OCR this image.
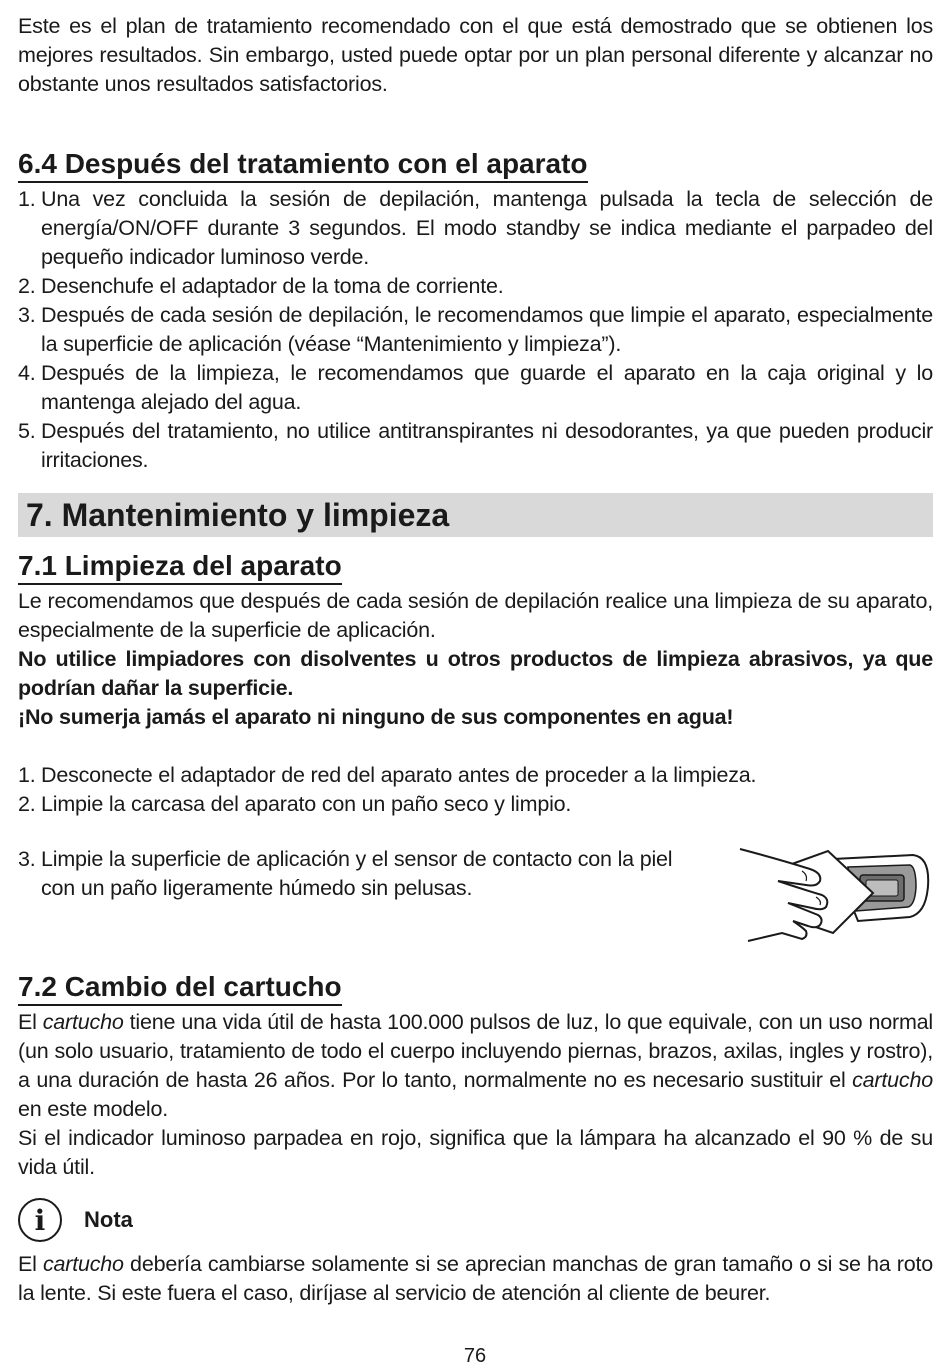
Este es el plan de tratamiento recomendado con el que está demostrado que se obtienen los mejores resultados. Sin embargo, usted puede optar por un plan personal diferente y alcanzar no obstante unos resultados satisfactorios.

6.4 Después del tratamiento con el aparato
1. Una vez concluida la sesión de depilación, mantenga pulsada la tecla de selección de energía/ON/OFF durante 3 segundos. El modo standby se indica mediante el parpadeo del pequeño indicador luminoso verde.
2. Desenchufe el adaptador de la toma de corriente.
3. Después de cada sesión de depilación, le recomendamos que limpie el aparato, especialmente la superficie de aplicación (véase “Mantenimiento y limpieza”).
4. Después de la limpieza, le recomendamos que guarde el aparato en la caja original y lo mantenga alejado del agua.
5. Después del tratamiento, no utilice antitranspirantes ni desodorantes, ya que pueden producir irritaciones.
7. Mantenimiento y limpieza
7.1 Limpieza del aparato

Le recomendamos que después de cada sesión de depilación realice una limpieza de su aparato, especialmente de la superficie de aplicación.

No utilice limpiadores con disolventes u otros productos de limpieza abrasivos, ya que podrían dañar la superficie.

¡No sumerja jamás el aparato ni ninguno de sus componentes en agua!

1. Desconecte el adaptador de red del aparato antes de proceder a la limpieza.
2. Limpie la carcasa del aparato con un paño seco y limpio.
3. Limpie la superficie de aplicación y el sensor de contacto con la piel con un paño ligeramente húmedo sin pelusas.
7.2 Cambio del cartucho

El cartucho tiene una vida útil de hasta 100.000 pulsos de luz, lo que equivale, con un uso normal (un solo usuario, tratamiento de todo el cuerpo incluyendo piernas, brazos, axilas, ingles y rostro), a una duración de hasta 26 años. Por lo tanto, normalmente no es necesario sustituir el cartucho en este modelo.

Si el indicador luminoso parpadea en rojo, significa que la lámpara ha alcanzado el 90 % de su vida útil.

i	Nota

El cartucho debería cambiarse solamente si se aprecian manchas de gran tamaño o si se ha roto la lente. Si este fuera el caso, diríjase al servicio de atención al cliente de beurer.

76
